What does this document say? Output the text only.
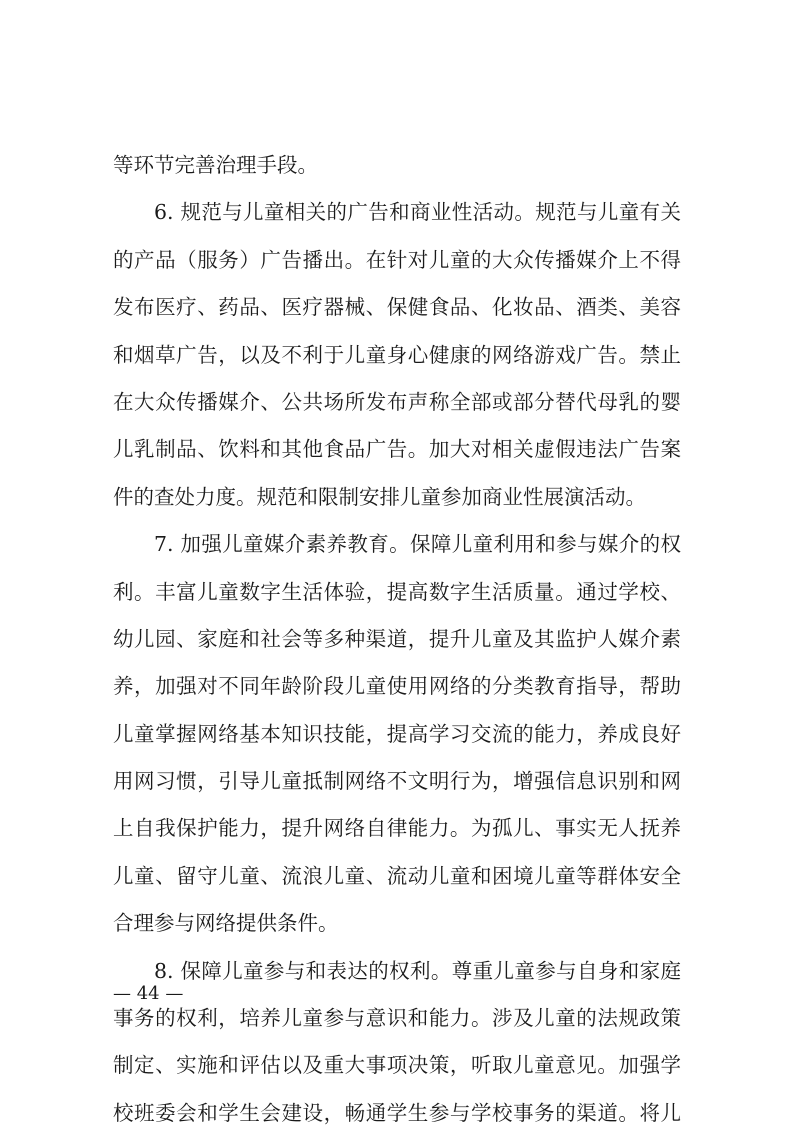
等环节完善治理手段。
6. 规范与儿童相关的广告和商业性活动。规范与儿童有关
的产品（服务）广告播出。在针对儿童的大众传播媒介上不得
发布医疗、药品、医疗器械、保健食品、化妆品、酒类、美容
和烟草广告，以及不利于儿童身心健康的网络游戏广告。禁止
在大众传播媒介、公共场所发布声称全部或部分替代母乳的婴
儿乳制品、饮料和其他食品广告。加大对相关虚假违法广告案
件的查处力度。规范和限制安排儿童参加商业性展演活动。
7. 加强儿童媒介素养教育。保障儿童利用和参与媒介的权
利。丰富儿童数字生活体验，提高数字生活质量。通过学校、
幼儿园、家庭和社会等多种渠道，提升儿童及其监护人媒介素
养，加强对不同年龄阶段儿童使用网络的分类教育指导，帮助
儿童掌握网络基本知识技能，提高学习交流的能力，养成良好
用网习惯，引导儿童抵制网络不文明行为，增强信息识别和网
上自我保护能力，提升网络自律能力。为孤儿、事实无人抚养
儿童、留守儿童、流浪儿童、流动儿童和困境儿童等群体安全
合理参与网络提供条件。
8. 保障儿童参与和表达的权利。尊重儿童参与自身和家庭
事务的权利，培养儿童参与意识和能力。涉及儿童的法规政策
制定、实施和评估以及重大事项决策，听取儿童意见。加强学
校班委会和学生会建设，畅通学生参与学校事务的渠道。将儿
— 44 —
